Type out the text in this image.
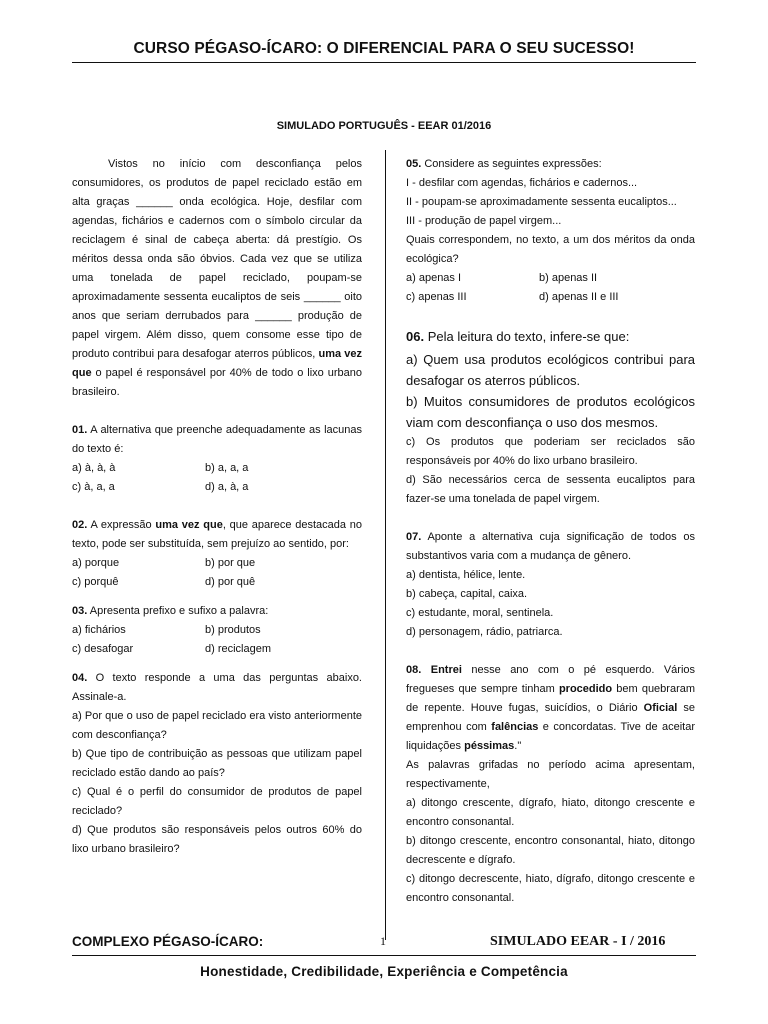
CURSO PÉGASO-ÍCARO: O DIFERENCIAL PARA O SEU SUCESSO!
SIMULADO PORTUGUÊS - EEAR 01/2016

Vistos no início com desconfiança pelos consumidores, os produtos de papel reciclado estão em alta graças ______ onda ecológica. Hoje, desfilar com agendas, fichários e cadernos com o símbolo circular da reciclagem é sinal de cabeça aberta: dá prestígio. Os méritos dessa onda são óbvios. Cada vez que se utiliza uma tonelada de papel reciclado, poupam-se aproximadamente sessenta eucaliptos de seis ______ oito anos que seriam derrubados para ______ produção de papel virgem. Além disso, quem consome esse tipo de produto contribui para desafogar aterros públicos, uma vez que o papel é responsável por 40% de todo o lixo urbano brasileiro.

01. A alternativa que preenche adequadamente as lacunas do texto é:

a) à, à, à	b) a, a, a
c) à, a, a	d) a, à, a

02. A expressão uma vez que, que aparece destacada no texto, pode ser substituída, sem prejuízo ao sentido, por:

a) porque	b) por que
c) porquê	d) por quê

03. Apresenta prefixo e sufixo a palavra:

a) fichários	b) produtos
c) desafogar	d) reciclagem

04. O texto responde a uma das perguntas abaixo. Assinale-a.

a) Por que o uso de papel reciclado era visto anteriormente com desconfiança?

b) Que tipo de contribuição as pessoas que utilizam papel reciclado estão dando ao país?

c) Qual é o perfil do consumidor de produtos de papel reciclado?

d) Que produtos são responsáveis pelos outros 60% do lixo urbano brasileiro?

05. Considere as seguintes expressões:

I - desfilar com agendas, fichários e cadernos...

II - poupam-se aproximadamente sessenta eucaliptos...

III - produção de papel virgem...

Quais correspondem, no texto, a um dos méritos da onda ecológica?

a) apenas I	b) apenas II
c) apenas III	d) apenas II e III

06. Pela leitura do texto, infere-se que:

a) Quem usa produtos ecológicos contribui para desafogar os aterros públicos.

b) Muitos consumidores de produtos ecológicos viam com desconfiança o uso dos mesmos.

c) Os produtos que poderiam ser reciclados são responsáveis por 40% do lixo urbano brasileiro.

d) São necessários cerca de sessenta eucaliptos para fazer-se uma tonelada de papel virgem.

07. Aponte a alternativa cuja significação de todos os substantivos varia com a mudança de gênero.

a) dentista, hélice, lente.

b) cabeça, capital, caixa.

c) estudante, moral, sentinela.

d) personagem, rádio, patriarca.

08. Entrei nesse ano com o pé esquerdo. Vários fregueses que sempre tinham procedido bem quebraram de repente. Houve fugas, suicídios, o Diário Oficial se emprenhou com falências e concordatas. Tive de aceitar liquidações péssimas."

As palavras grifadas no período acima apresentam, respectivamente,

a) ditongo crescente, dígrafo, hiato, ditongo crescente e encontro consonantal.

b) ditongo crescente, encontro consonantal, hiato, ditongo decrescente e dígrafo.

c) ditongo decrescente, hiato, dígrafo, ditongo crescente e encontro consonantal.

COMPLEXO PÉGASO-ÍCARO:	1	SIMULADO EEAR - I / 2016
Honestidade, Credibilidade, Experiência e Competência
